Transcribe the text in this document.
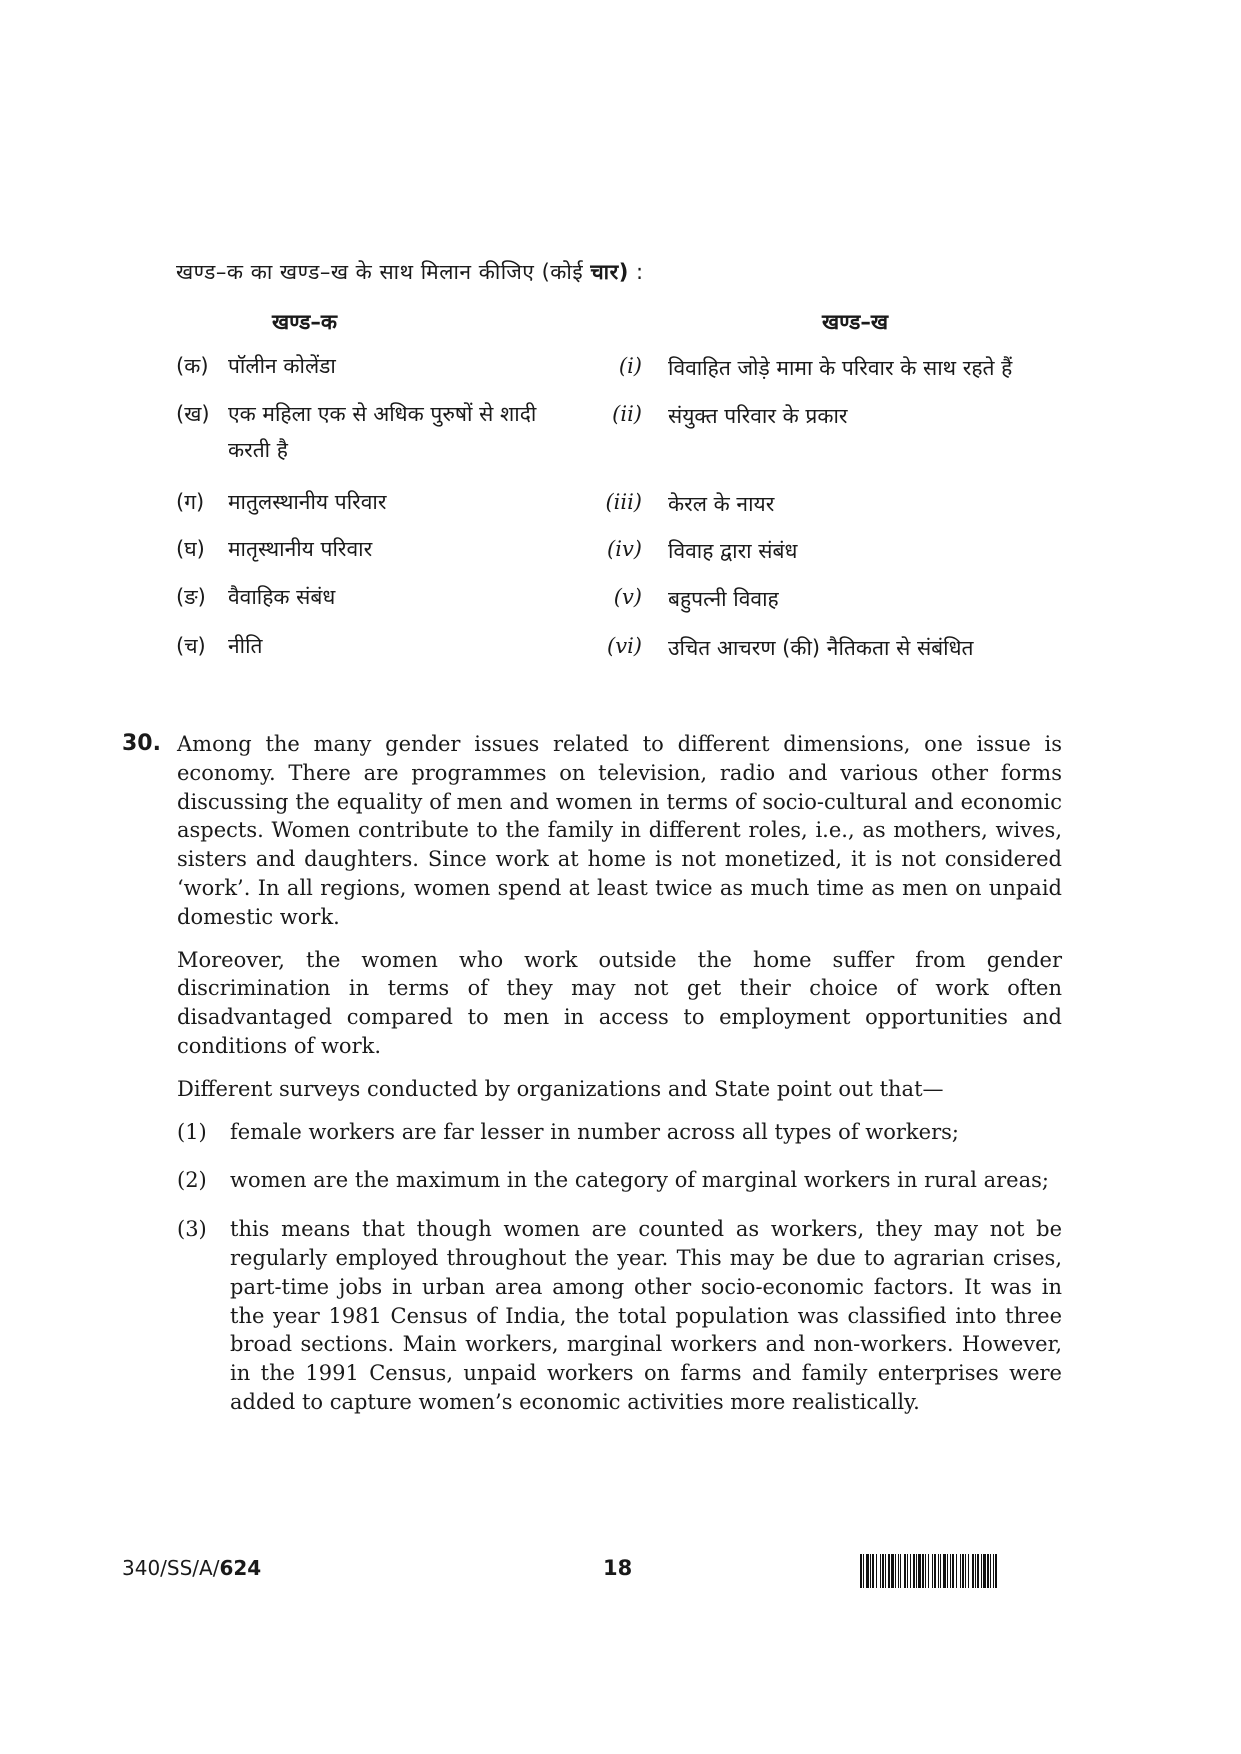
खण्ड–क का खण्ड–ख के साथ मिलान कीजिए (कोई चार) :
खण्ड–क	खण्ड–ख
(क) पॉलीन कोलेंडा
(ख) एक महिला एक से अधिक पुरुषों से शादी करती है
(ग) मातुलस्थानीय परिवार
(घ) मातृस्थानीय परिवार
(ङ) वैवाहिक संबंध
(च) नीति
(i) विवाहित जोड़े मामा के परिवार के साथ रहते हैं
(ii) संयुक्त परिवार के प्रकार
(iii) केरल के नायर
(iv) विवाह द्वारा संबंध
(v) बहुपत्नी विवाह
(vi) उचित आचरण (की) नैतिकता से संबंधित
30. Among the many gender issues related to different dimensions, one issue is economy. There are programmes on television, radio and various other forms discussing the equality of men and women in terms of socio-cultural and economic aspects. Women contribute to the family in different roles, i.e., as mothers, wives, sisters and daughters. Since work at home is not monetized, it is not considered ‘work’. In all regions, women spend at least twice as much time as men on unpaid domestic work.

Moreover, the women who work outside the home suffer from gender discrimination in terms of they may not get their choice of work often disadvantaged compared to men in access to employment opportunities and conditions of work.

Different surveys conducted by organizations and State point out that—

(1) female workers are far lesser in number across all types of workers;
(2) women are the maximum in the category of marginal workers in rural areas;
(3) this means that though women are counted as workers, they may not be regularly employed throughout the year. This may be due to agrarian crises, part-time jobs in urban area among other socio-economic factors. It was in the year 1981 Census of India, the total population was classified into three broad sections. Main workers, marginal workers and non-workers. However, in the 1991 Census, unpaid workers on farms and family enterprises were added to capture women’s economic activities more realistically.
340/SS/A/624	18
